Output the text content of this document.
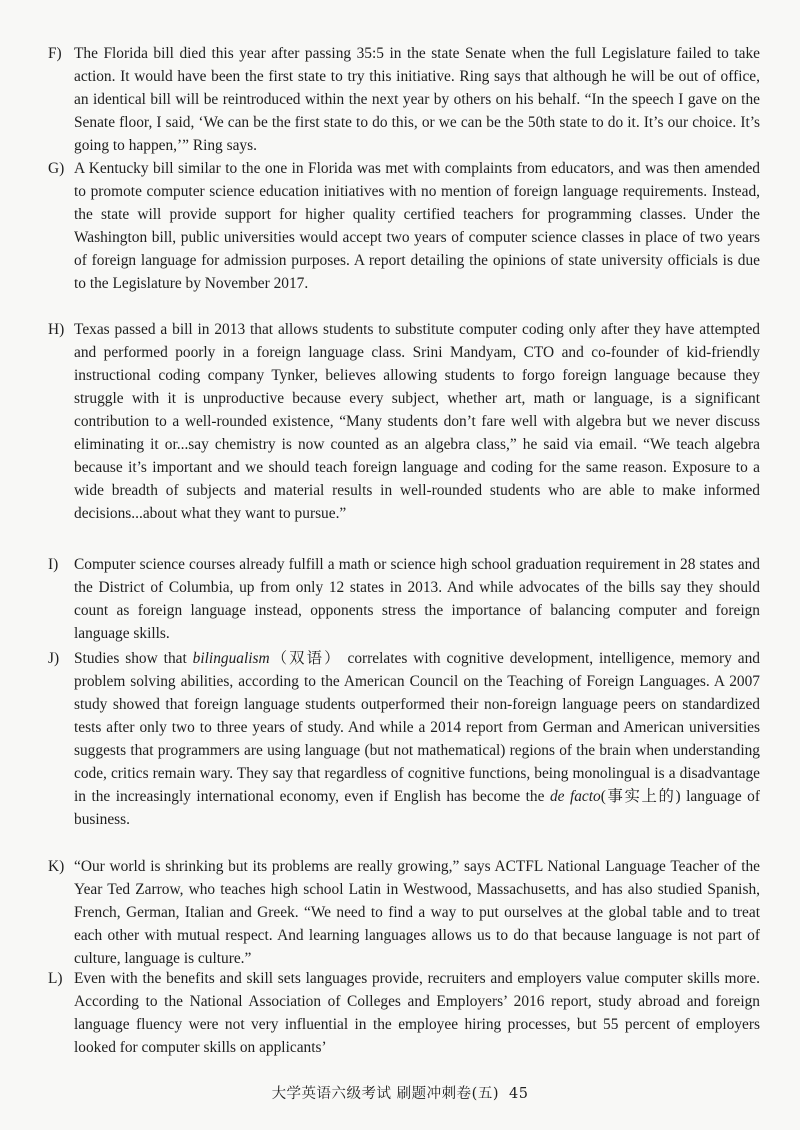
F) The Florida bill died this year after passing 35:5 in the state Senate when the full Legislature failed to take action. It would have been the first state to try this initiative. Ring says that although he will be out of office, an identical bill will be reintroduced within the next year by others on his behalf. “In the speech I gave on the Senate floor, I said, ‘We can be the first state to do this, or we can be the 50th state to do it. It’s our choice. It’s going to happen,’” Ring says.
G) A Kentucky bill similar to the one in Florida was met with complaints from educators, and was then amended to promote computer science education initiatives with no mention of foreign language requirements. Instead, the state will provide support for higher quality certified teachers for programming classes. Under the Washington bill, public universities would accept two years of computer science classes in place of two years of foreign language for admission purposes. A report detailing the opinions of state university officials is due to the Legislature by November 2017.
H) Texas passed a bill in 2013 that allows students to substitute computer coding only after they have attempted and performed poorly in a foreign language class. Srini Mandyam, CTO and co-founder of kid-friendly instructional coding company Tynker, believes allowing students to forgo foreign language because they struggle with it is unproductive because every subject, whether art, math or language, is a significant contribution to a well-rounded existence, “Many students don’t fare well with algebra but we never discuss eliminating it or...say chemistry is now counted as an algebra class,” he said via email. “We teach algebra because it’s important and we should teach foreign language and coding for the same reason. Exposure to a wide breadth of subjects and material results in well-rounded students who are able to make informed decisions...about what they want to pursue.”
I)	Computer science courses already fulfill a math or science high school graduation requirement in 28 states and the District of Columbia, up from only 12 states in 2013. And while advocates of the bills say they should count as foreign language instead, opponents stress the importance of balancing computer and foreign language skills.
J) Studies show that bilingualism（双语） correlates with cognitive development, intelligence, memory and problem solving abilities, according to the American Council on the Teaching of Foreign Languages. A 2007 study showed that foreign language students outperformed their non-foreign language peers on standardized tests after only two to three years of study. And while a 2014 report from German and American universities suggests that programmers are using language (but not mathematical) regions of the brain when understanding code, critics remain wary. They say that regardless of cognitive functions, being monolingual is a disadvantage in the increasingly international economy, even if English has become the de facto(事实上的) language of business.
K) “Our world is shrinking but its problems are really growing,” says ACTFL National Language Teacher of the Year Ted Zarrow, who teaches high school Latin in Westwood, Massachusetts, and has also studied Spanish, French, German, Italian and Greek. “We need to find a way to put ourselves at the global table and to treat each other with mutual respect. And learning languages allows us to do that because language is not part of culture, language is culture.”
L) Even with the benefits and skill sets languages provide, recruiters and employers value computer skills more. According to the National Association of Colleges and Employers’ 2016 report, study abroad and foreign language fluency were not very influential in the employee hiring processes, but 55 percent of employers looked for computer skills on applicants’
大学英语六级考试 刷题冲刺卷(五) 45
